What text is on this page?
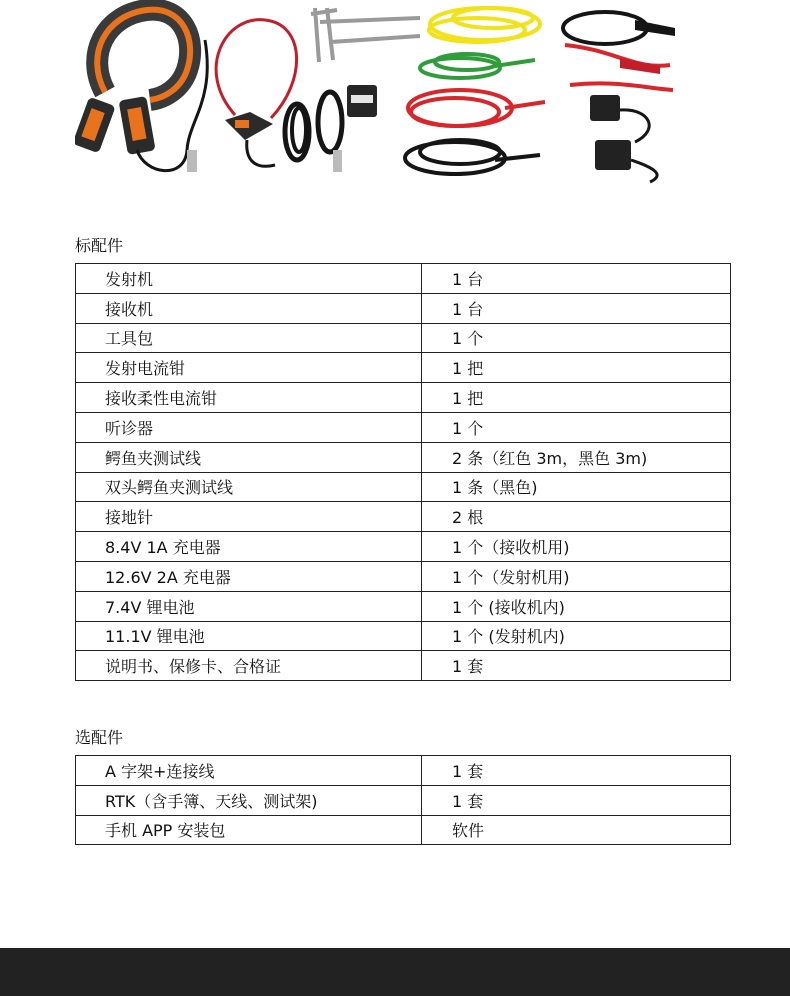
标配件
发射机	1 台
接收机	1 台
工具包	1 个
发射电流钳	1 把
接收柔性电流钳	1 把
听诊器	1 个
鳄鱼夹测试线	2 条（红色 3m，黑色 3m)
双头鳄鱼夹测试线	1 条（黑色)
接地针	2 根
8.4V 1A 充电器	1 个（接收机用)
12.6V 2A 充电器	1 个（发射机用)
7.4V 锂电池	1 个 (接收机内)
11.1V 锂电池	1 个 (发射机内)
说明书、保修卡、合格证	1 套
选配件
A 字架+连接线	1 套
RTK（含手簿、天线、测试架)	1 套
手机 APP 安装包	软件
